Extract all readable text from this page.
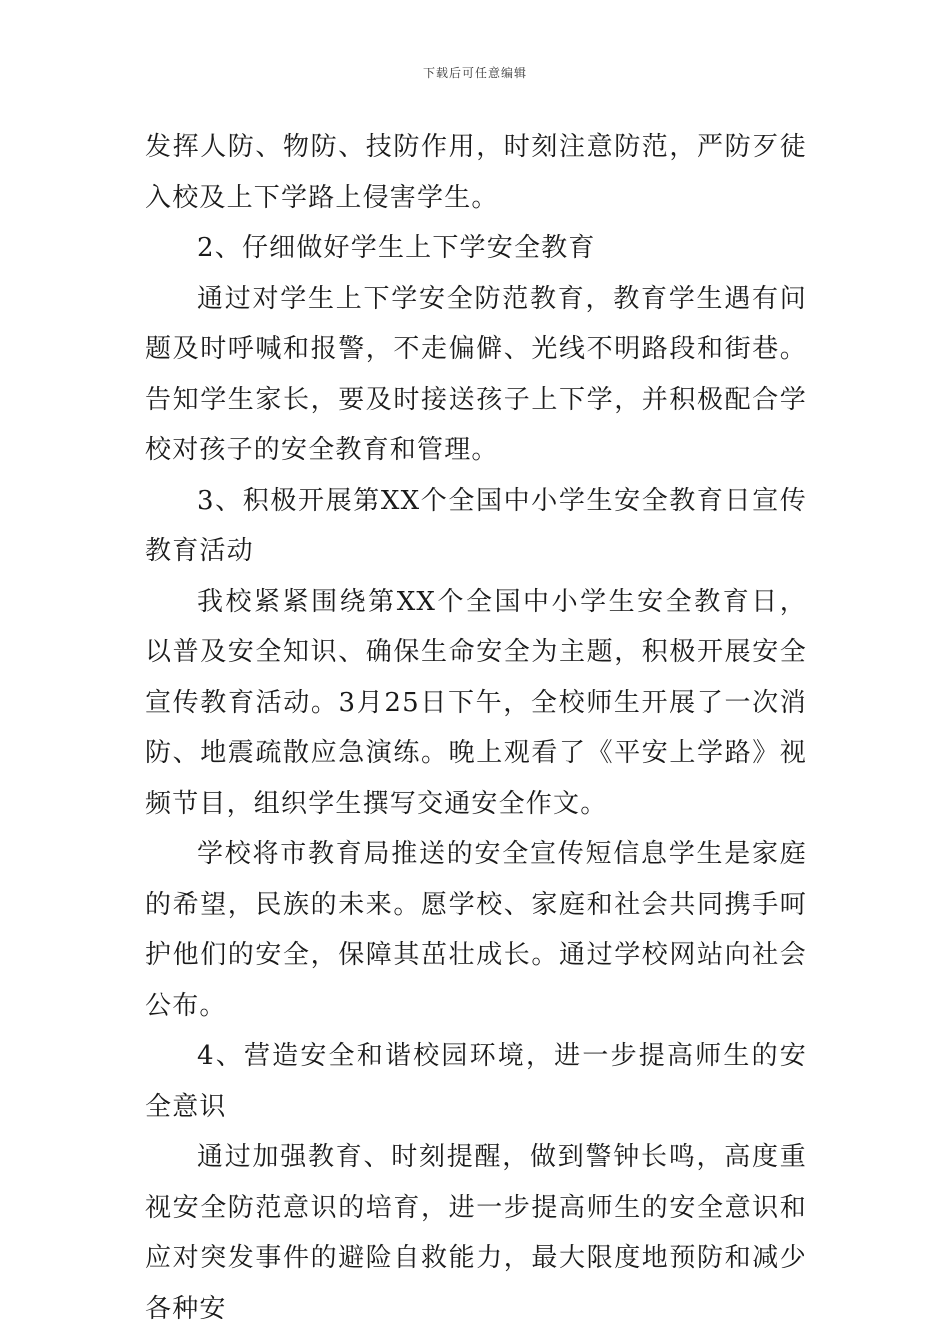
下载后可任意编辑

发挥人防、物防、技防作用，时刻注意防范，严防歹徒入校及上下学路上侵害学生。

2、仔细做好学生上下学安全教育

通过对学生上下学安全防范教育，教育学生遇有问题及时呼喊和报警，不走偏僻、光线不明路段和街巷。告知学生家长，要及时接送孩子上下学，并积极配合学校对孩子的安全教育和管理。

3、积极开展第XX个全国中小学生安全教育日宣传教育活动

我校紧紧围绕第XX个全国中小学生安全教育日，以普及安全知识、确保生命安全为主题，积极开展安全宣传教育活动。3月25日下午，全校师生开展了一次消防、地震疏散应急演练。晚上观看了《平安上学路》视频节目，组织学生撰写交通安全作文。

学校将市教育局推送的安全宣传短信息学生是家庭的希望，民族的未来。愿学校、家庭和社会共同携手呵护他们的安全，保障其茁壮成长。通过学校网站向社会公布。

4、营造安全和谐校园环境，进一步提高师生的安全意识

通过加强教育、时刻提醒，做到警钟长鸣，高度重视安全防范意识的培育，进一步提高师生的安全意识和应对突发事件的避险自救能力，最大限度地预防和减少各种安
